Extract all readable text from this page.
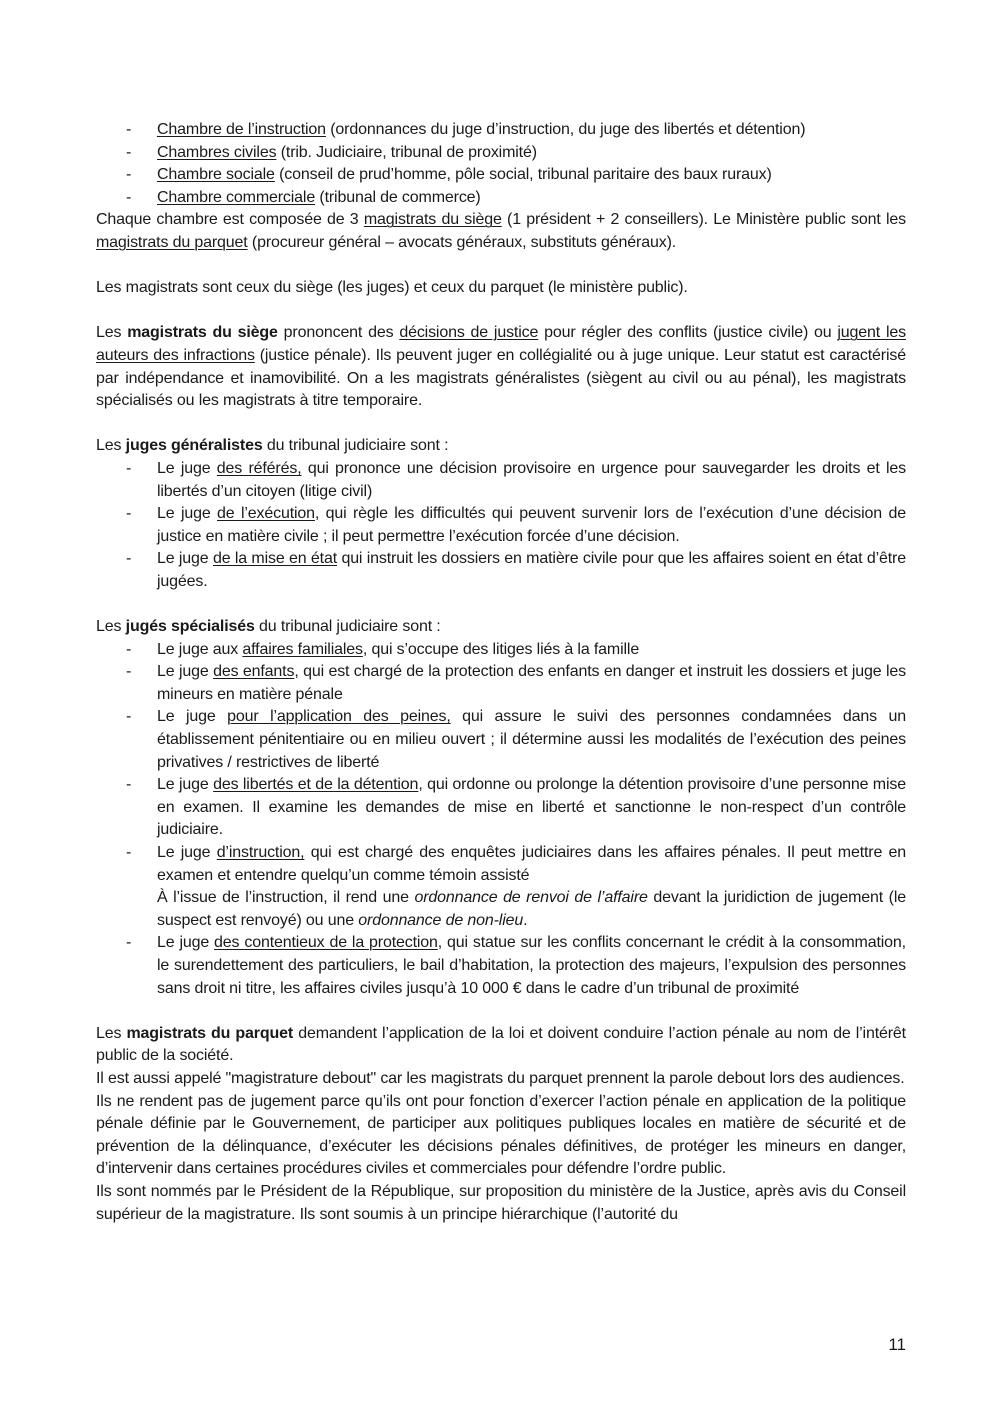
- Chambre de l’instruction (ordonnances du juge d’instruction, du juge des libertés et détention)
- Chambres civiles (trib. Judiciaire, tribunal de proximité)
- Chambre sociale (conseil de prud’homme, pôle social, tribunal paritaire des baux ruraux)
- Chambre commerciale (tribunal de commerce)

Chaque chambre est composée de 3 magistrats du siège (1 président + 2 conseillers). Le Ministère public sont les magistrats du parquet (procureur général – avocats généraux, substituts généraux).

Les magistrats sont ceux du siège (les juges) et ceux du parquet (le ministère public).

Les magistrats du siège prononcent des décisions de justice pour régler des conflits (justice civile) ou jugent les auteurs des infractions (justice pénale). Ils peuvent juger en collégialité ou à juge unique. Leur statut est caractérisé par indépendance et inamovibilité. On a les magistrats généralistes (siègent au civil ou au pénal), les magistrats spécialisés ou les magistrats à titre temporaire.

Les juges généralistes du tribunal judiciaire sont :

- Le juge des référés, qui prononce une décision provisoire en urgence pour sauvegarder les droits et les libertés d’un citoyen (litige civil)
- Le juge de l’exécution, qui règle les difficultés qui peuvent survenir lors de l’exécution d’une décision de justice en matière civile ; il peut permettre l’exécution forcée d’une décision.
- Le juge de la mise en état qui instruit les dossiers en matière civile pour que les affaires soient en état d’être jugées.

Les jugés spécialisés du tribunal judiciaire sont :

- Le juge aux affaires familiales, qui s’occupe des litiges liés à la famille
- Le juge des enfants, qui est chargé de la protection des enfants en danger et instruit les dossiers et juge les mineurs en matière pénale
- Le juge pour l’application des peines, qui assure le suivi des personnes condamnées dans un établissement pénitentiaire ou en milieu ouvert ; il détermine aussi les modalités de l’exécution des peines privatives / restrictives de liberté
- Le juge des libertés et de la détention, qui ordonne ou prolonge la détention provisoire d’une personne mise en examen. Il examine les demandes de mise en liberté et sanctionne le non-respect d’un contrôle judiciaire.
- Le juge d’instruction, qui est chargé des enquêtes judiciaires dans les affaires pénales. Il peut mettre en examen et entendre quelqu’un comme témoin assisté
À l’issue de l’instruction, il rend une ordonnance de renvoi de l’affaire devant la juridiction de jugement (le suspect est renvoyé) ou une ordonnance de non-lieu.
- Le juge des contentieux de la protection, qui statue sur les conflits concernant le crédit à la consommation, le surendettement des particuliers, le bail d’habitation, la protection des majeurs, l’expulsion des personnes sans droit ni titre, les affaires civiles jusqu’à 10 000 € dans le cadre d’un tribunal de proximité

Les magistrats du parquet demandent l’application de la loi et doivent conduire l’action pénale au nom de l’intérêt public de la société.

Il est aussi appelé "magistrature debout" car les magistrats du parquet prennent la parole debout lors des audiences.

Ils ne rendent pas de jugement parce qu’ils ont pour fonction d’exercer l’action pénale en application de la politique pénale définie par le Gouvernement, de participer aux politiques publiques locales en matière de sécurité et de prévention de la délinquance, d’exécuter les décisions pénales définitives, de protéger les mineurs en danger, d’intervenir dans certaines procédures civiles et commerciales pour défendre l’ordre public.

Ils sont nommés par le Président de la République, sur proposition du ministère de la Justice, après avis du Conseil supérieur de la magistrature. Ils sont soumis à un principe hiérarchique (l’autorité du

11
